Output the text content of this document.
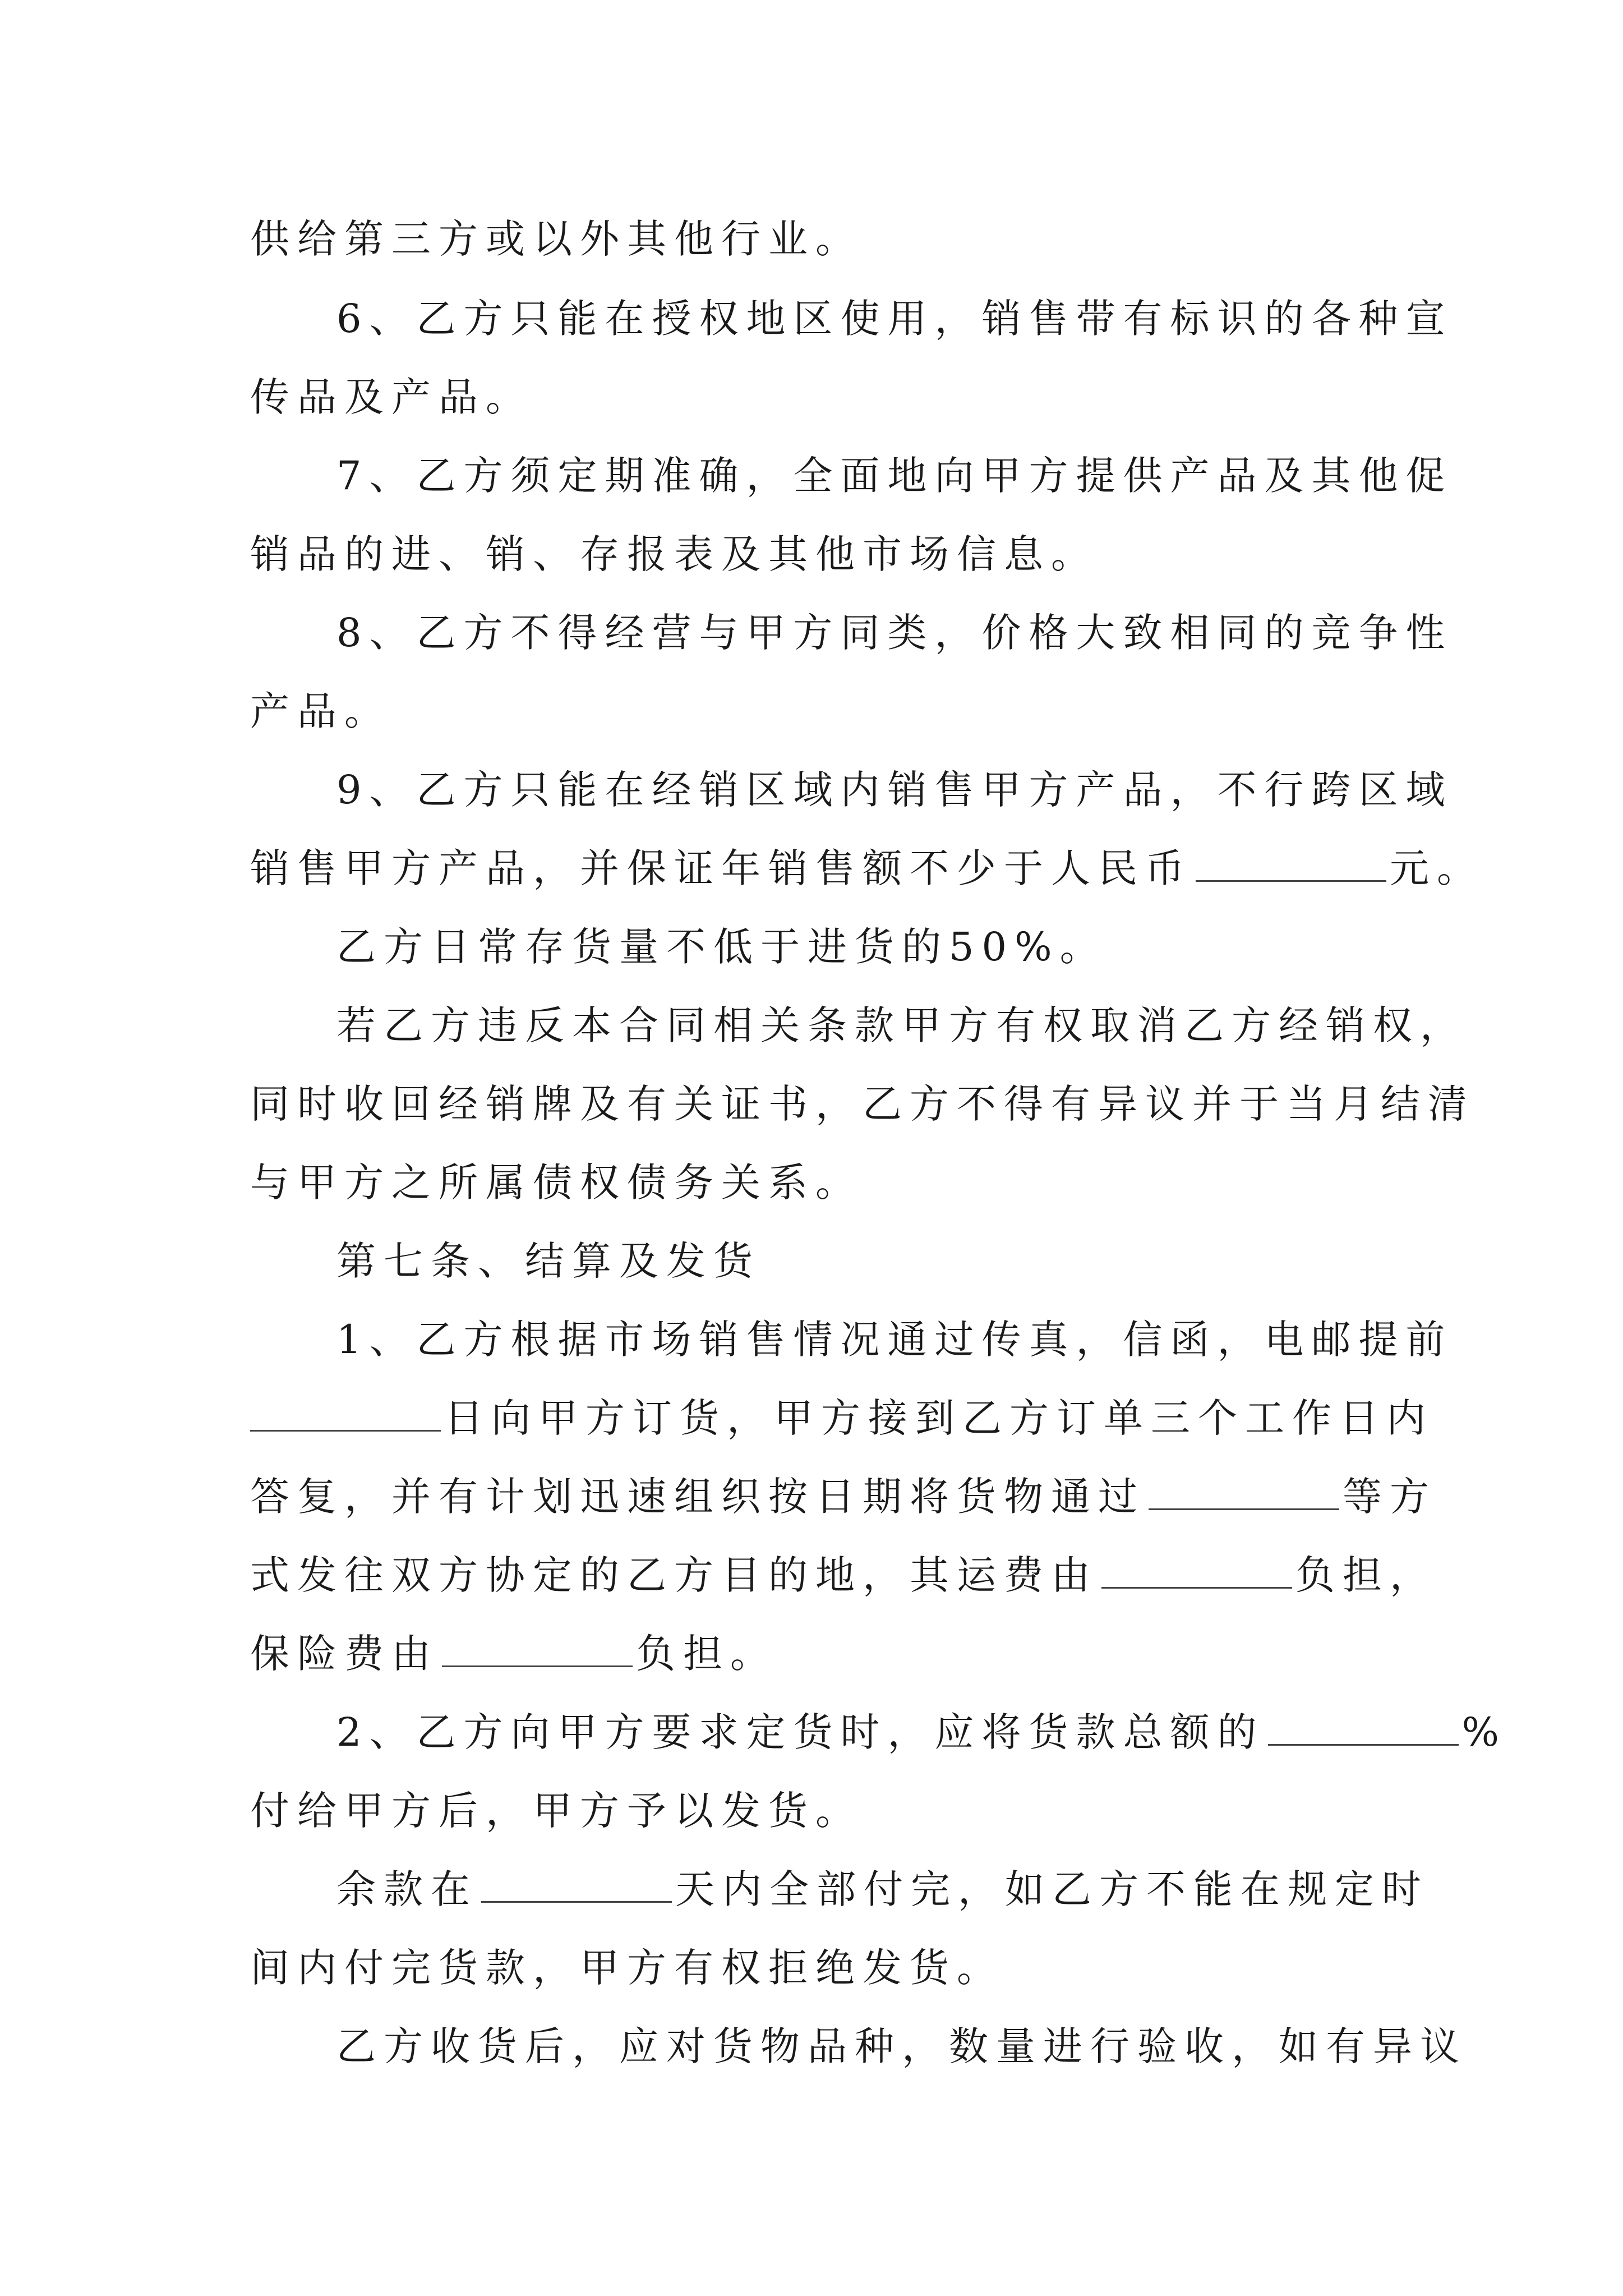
供给第三方或以外其他行业。
6、乙方只能在授权地区使用，销售带有标识的各种宣
传品及产品。
7、乙方须定期准确，全面地向甲方提供产品及其他促
销品的进、销、存报表及其他市场信息。
8、乙方不得经营与甲方同类，价格大致相同的竞争性
产品。
9、乙方只能在经销区域内销售甲方产品，不行跨区域
销售甲方产品，并保证年销售额不少于人民币	元。
乙方日常存货量不低于进货的50%。
若乙方违反本合同相关条款甲方有权取消乙方经销权，
同时收回经销牌及有关证书，乙方不得有异议并于当月结清
与甲方之所属债权债务关系。
第七条、结算及发货
1、乙方根据市场销售情况通过传真，信函，电邮提前
日向甲方订货，甲方接到乙方订单三个工作日内
答复，并有计划迅速组织按日期将货物通过	等方
式发往双方协定的乙方目的地，其运费由	负担，
保险费由	负担。
2、乙方向甲方要求定货时，应将货款总额的	%
付给甲方后，甲方予以发货。
余款在	天内全部付完，如乙方不能在规定时
间内付完货款，甲方有权拒绝发货。
乙方收货后，应对货物品种，数量进行验收，如有异议
